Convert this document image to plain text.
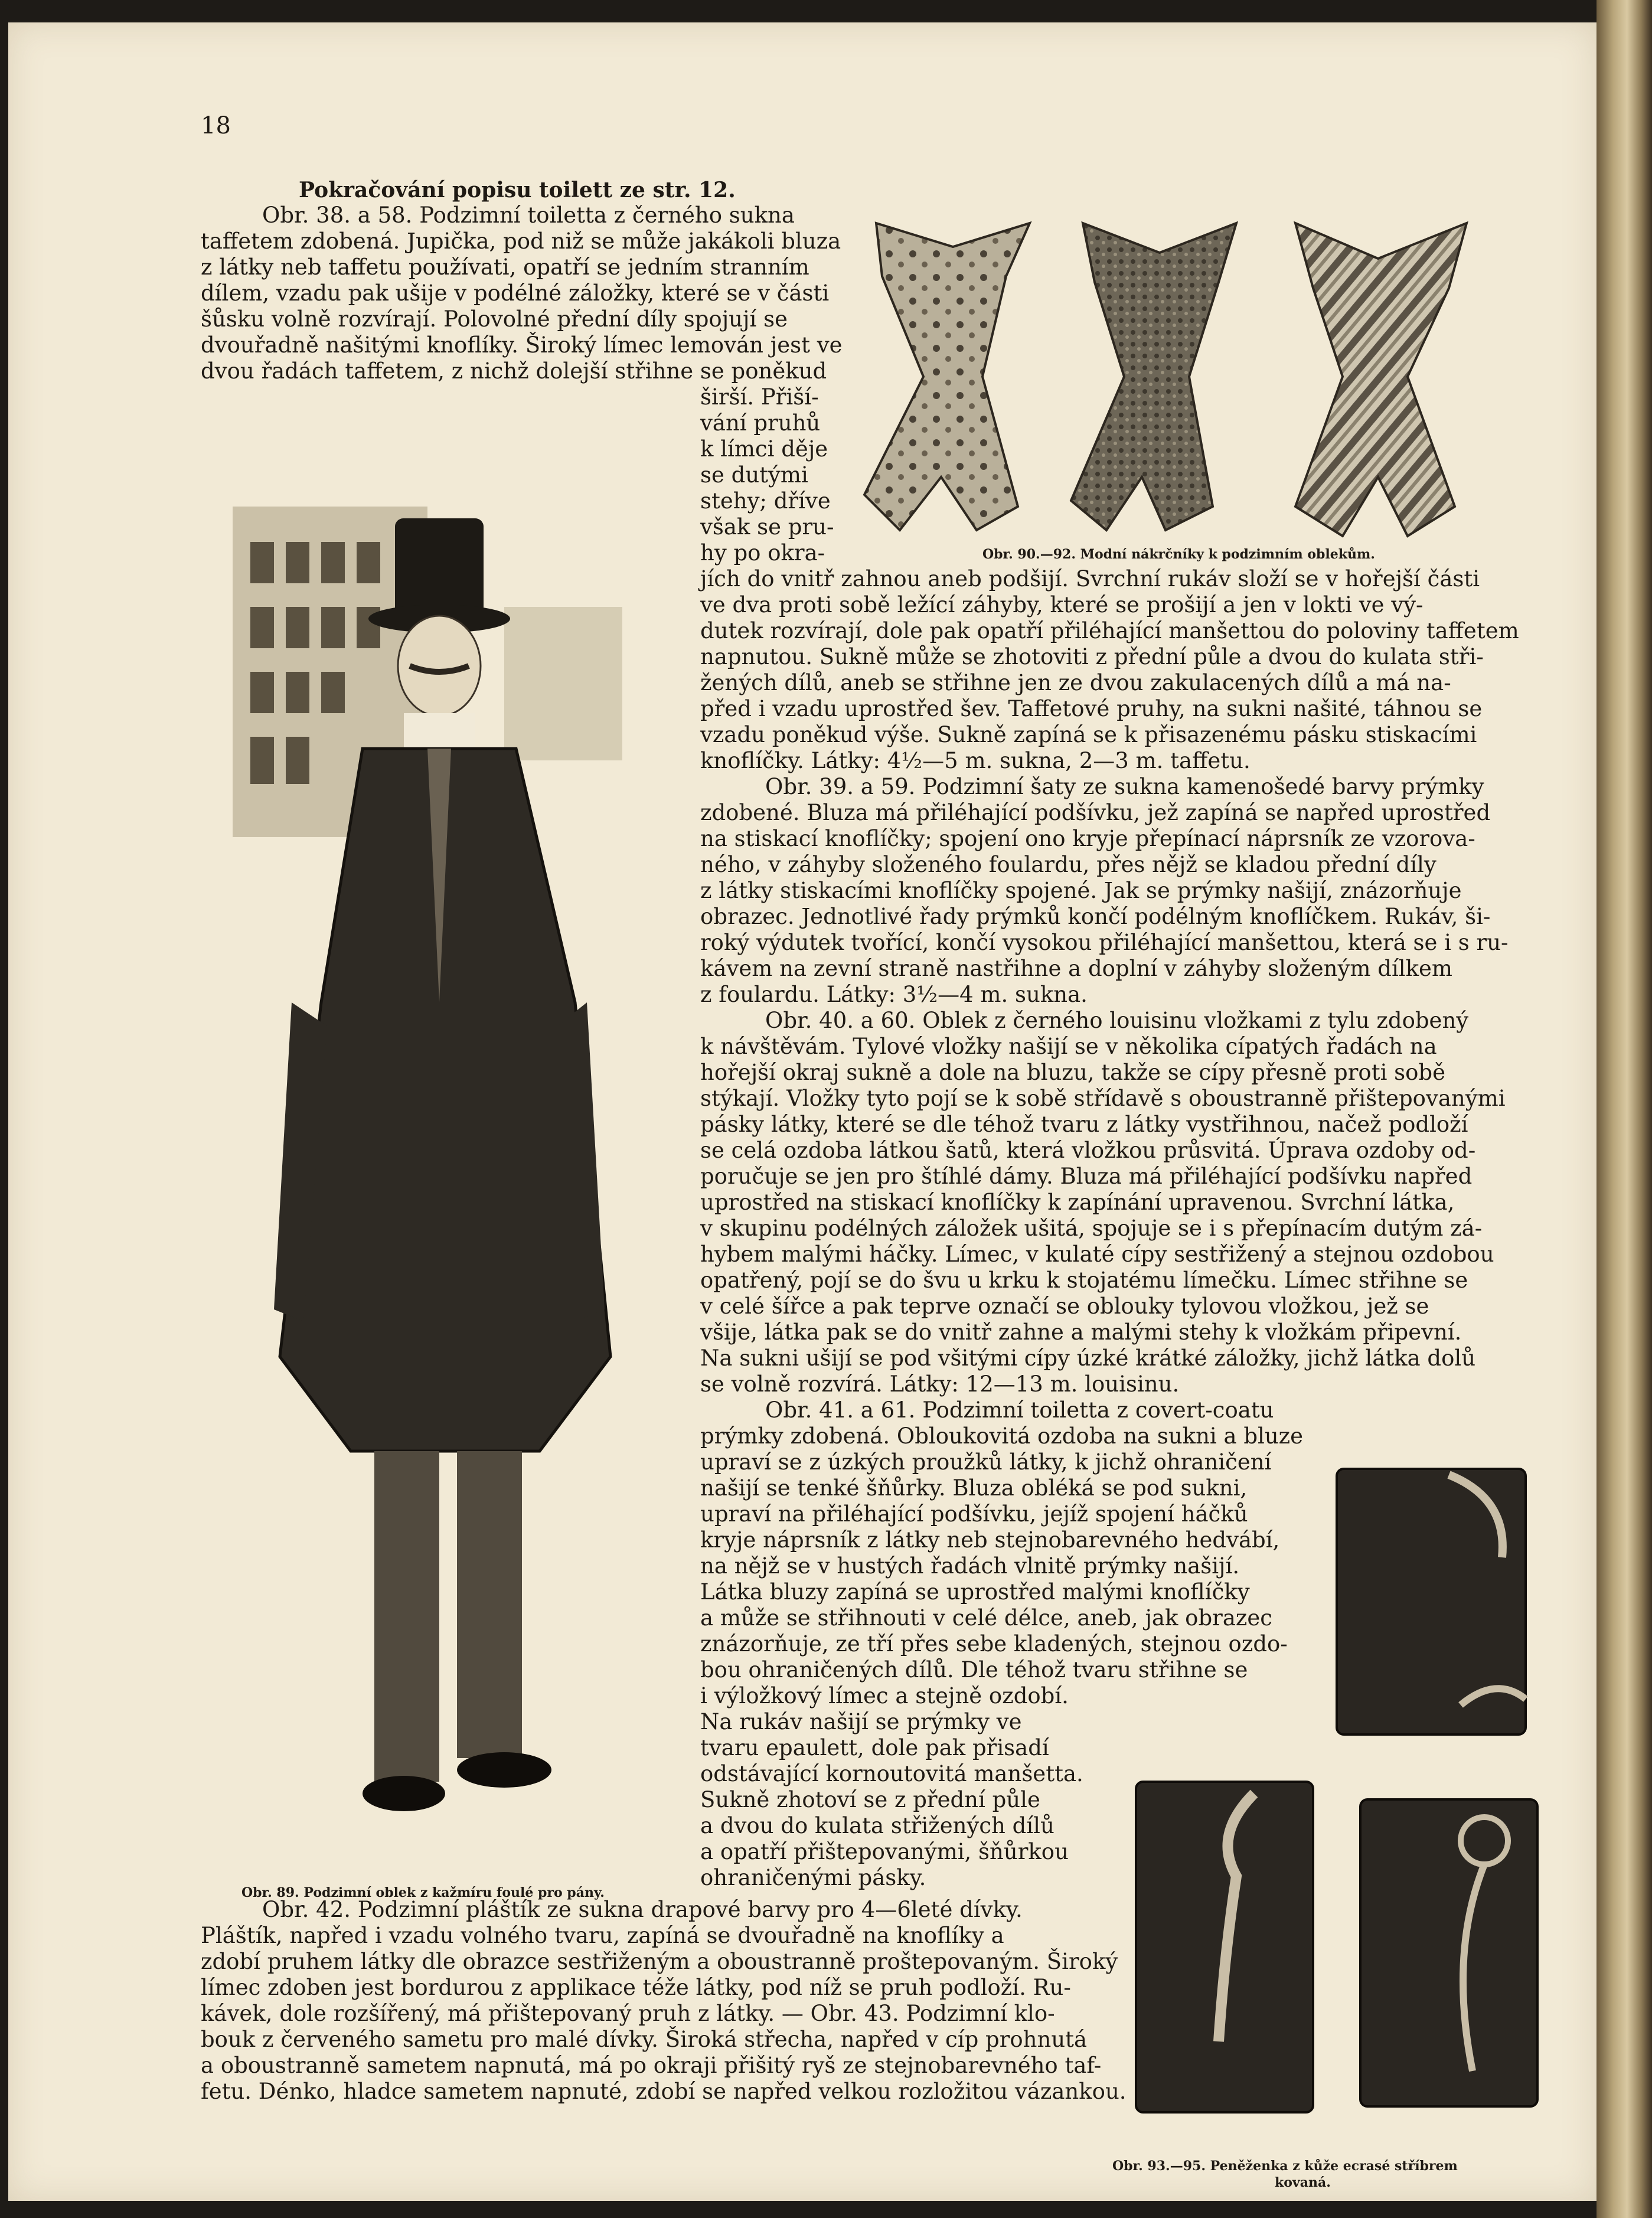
18

Pokračování popisu toilett ze str. 12.

Obr. 38. a 58. Podzimní toiletta z černého sukna

taffetem zdobená. Jupička, pod niž se může jakákoli bluza

z látky neb taffetu používati, opatří se jedním stranním

dílem, vzadu pak ušije v podélné záložky, které se v části

šůsku volně rozvírají. Polovolné přední díly spojují se

dvouřadně našitými knoflíky. Široký límec lemován jest ve

dvou řadách taffetem, z nichž dolejší střihne se poněkud

širší. Přiší-

vání pruhů

k límci děje

se dutými

stehy; dříve

však se pru-

hy po okra-

jích do vnitř zahnou aneb podšijí. Svrchní rukáv složí se v hořejší části

ve dva proti sobě ležící záhyby, které se prošijí a jen v lokti ve vý-

dutek rozvírají, dole pak opatří přiléhající manšettou do poloviny taffetem

napnutou. Sukně může se zhotoviti z přední půle a dvou do kulata stři-

žených dílů, aneb se střihne jen ze dvou zakulacených dílů a má na-

před i vzadu uprostřed šev. Taffetové pruhy, na sukni našité, táhnou se

vzadu poněkud výše. Sukně zapíná se k přisazenému pásku stiskacími

knoflíčky. Látky: 4½—5 m. sukna, 2—3 m. taffetu.

Obr. 39. a 59. Podzimní šaty ze sukna kamenošedé barvy prýmky

zdobené. Bluza má přiléhající podšívku, jež zapíná se napřed uprostřed

na stiskací knoflíčky; spojení ono kryje přepínací náprsník ze vzorova-

ného, v záhyby složeného foulardu, přes nějž se kladou přední díly

z látky stiskacími knoflíčky spojené. Jak se prýmky našijí, znázorňuje

obrazec. Jednotlivé řady prýmků končí podélným knoflíčkem. Rukáv, ši-

roký výdutek tvořící, končí vysokou přiléhající manšettou, která se i s ru-

kávem na zevní straně nastřihne a doplní v záhyby složeným dílkem

z foulardu. Látky: 3½—4 m. sukna.

Obr. 40. a 60. Oblek z černého louisinu vložkami z tylu zdobený

k návštěvám. Tylové vložky našijí se v několika cípatých řadách na

hořejší okraj sukně a dole na bluzu, takže se cípy přesně proti sobě

stýkají. Vložky tyto pojí se k sobě střídavě s oboustranně přištepovanými

pásky látky, které se dle téhož tvaru z látky vystřihnou, načež podloží

se celá ozdoba látkou šatů, která vložkou průsvitá. Úprava ozdoby od-

poručuje se jen pro štíhlé dámy. Bluza má přiléhající podšívku napřed

uprostřed na stiskací knoflíčky k zapínání upravenou. Svrchní látka,

v skupinu podélných záložek ušitá, spojuje se i s přepínacím dutým zá-

hybem malými háčky. Límec, v kulaté cípy sestřižený a stejnou ozdobou

opatřený, pojí se do švu u krku k stojatému límečku. Límec střihne se

v celé šířce a pak teprve označí se oblouky tylovou vložkou, jež se

všije, látka pak se do vnitř zahne a malými stehy k vložkám připevní.

Na sukni ušijí se pod všitými cípy úzké krátké záložky, jichž látka dolů

se volně rozvírá. Látky: 12—13 m. louisinu.

Obr. 41. a 61. Podzimní toiletta z covert-coatu

prýmky zdobená. Obloukovitá ozdoba na sukni a bluze

upraví se z úzkých proužků látky, k jichž ohraničení

našijí se tenké šňůrky. Bluza obléká se pod sukni,

upraví na přiléhající podšívku, jejíž spojení háčků

kryje náprsník z látky neb stejnobarevného hedvábí,

na nějž se v hustých řadách vlnitě prýmky našijí.

Látka bluzy zapíná se uprostřed malými knoflíčky

a může se střihnouti v celé délce, aneb, jak obrazec

znázorňuje, ze tří přes sebe kladených, stejnou ozdo-

bou ohraničených dílů. Dle téhož tvaru střihne se

i výložkový límec a stejně ozdobí.

Na rukáv našijí se prýmky ve

tvaru epaulett, dole pak přisadí

odstávající kornoutovitá manšetta.

Sukně zhotoví se z přední půle

a dvou do kulata střižených dílů

a opatří přištepovanými, šňůrkou

ohraničenými pásky.

Obr. 42. Podzimní pláštík ze sukna drapové barvy pro 4—6leté dívky.

Pláštík, napřed i vzadu volného tvaru, zapíná se dvouřadně na knoflíky a

zdobí pruhem látky dle obrazce sestřiženým a oboustranně proštepovaným. Široký

límec zdoben jest bordurou z applikace téže látky, pod níž se pruh podloží. Ru-

kávek, dole rozšířený, má přištepovaný pruh z látky. — Obr. 43. Podzimní klo-

bouk z červeného sametu pro malé dívky. Široká střecha, napřed v cíp prohnutá

a oboustranně sametem napnutá, má po okraji přišitý ryš ze stejnobarevného taf-

fetu. Dénko, hladce sametem napnuté, zdobí se napřed velkou rozložitou vázankou.

Obr. 90.—92. Modní nákrčníky k podzimním oblekům.
Obr. 89. Podzimní oblek z kažmíru foulé pro pány.
Obr. 93.—95. Peněženka z kůže ecrasé stříbrem
kovaná.
